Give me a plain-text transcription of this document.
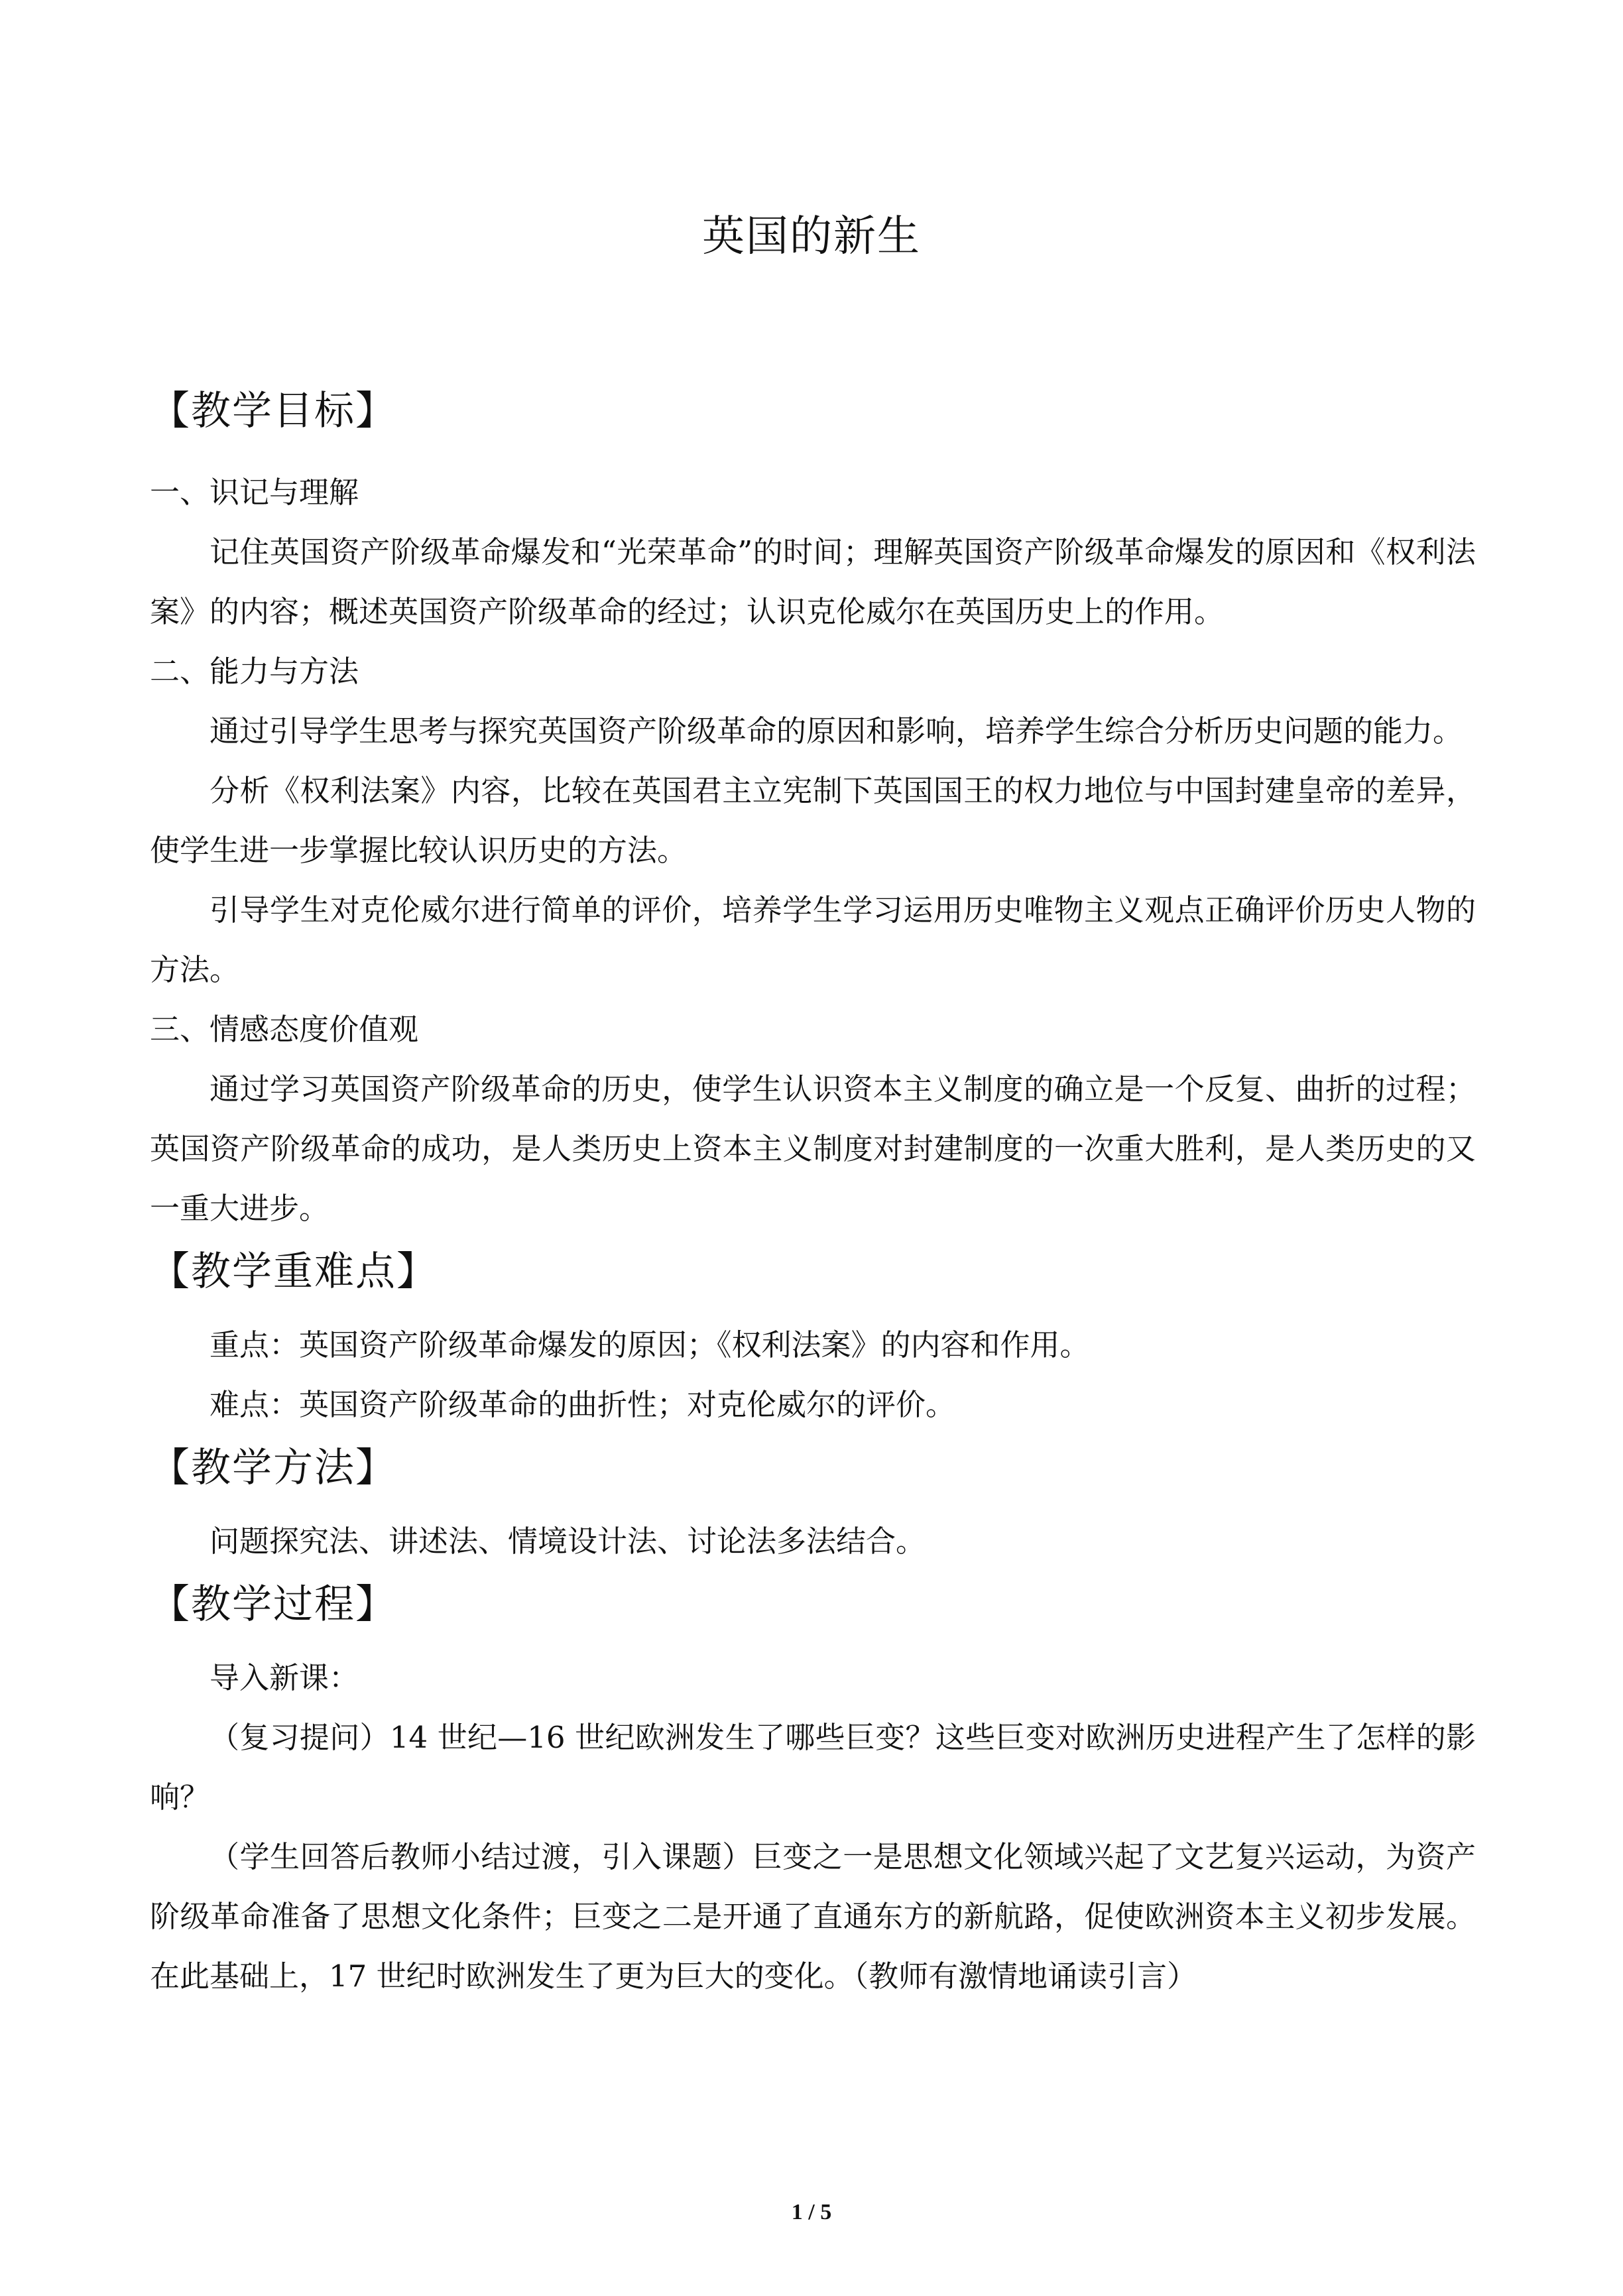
英国的新生

【教学目标】

一、识记与理解

记住英国资产阶级革命爆发和“光荣革命”的时间；理解英国资产阶级革命爆发的原因和《权利法案》的内容；概述英国资产阶级革命的经过；认识克伦威尔在英国历史上的作用。

二、能力与方法

通过引导学生思考与探究英国资产阶级革命的原因和影响，培养学生综合分析历史问题的能力。

分析《权利法案》内容，比较在英国君主立宪制下英国国王的权力地位与中国封建皇帝的差异，使学生进一步掌握比较认识历史的方法。

引导学生对克伦威尔进行简单的评价，培养学生学习运用历史唯物主义观点正确评价历史人物的方法。

三、情感态度价值观

通过学习英国资产阶级革命的历史，使学生认识资本主义制度的确立是一个反复、曲折的过程；英国资产阶级革命的成功，是人类历史上资本主义制度对封建制度的一次重大胜利，是人类历史的又一重大进步。

【教学重难点】

重点：英国资产阶级革命爆发的原因；《权利法案》的内容和作用。

难点：英国资产阶级革命的曲折性；对克伦威尔的评价。

【教学方法】

问题探究法、讲述法、情境设计法、讨论法多法结合。

【教学过程】

导入新课：

（复习提问）14 世纪—16 世纪欧洲发生了哪些巨变？这些巨变对欧洲历史进程产生了怎样的影响？

（学生回答后教师小结过渡，引入课题）巨变之一是思想文化领域兴起了文艺复兴运动，为资产阶级革命准备了思想文化条件；巨变之二是开通了直通东方的新航路，促使欧洲资本主义初步发展。在此基础上，17 世纪时欧洲发生了更为巨大的变化。（教师有激情地诵读引言）

1 / 5
